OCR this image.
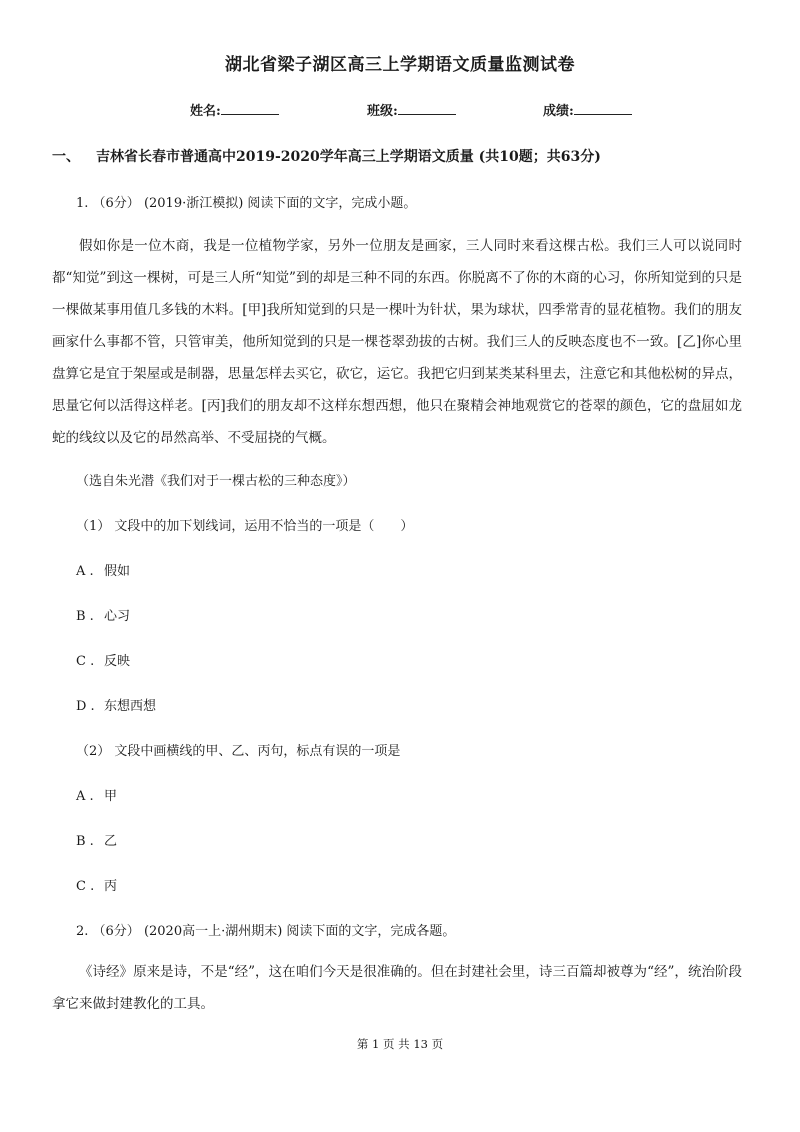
湖北省梁子湖区高三上学期语文质量监测试卷
姓名:	班级:	成绩:
一、 吉林省长春市普通高中2019-2020学年高三上学期语文质量 (共10题；共63分)
1. （6分） (2019·浙江模拟) 阅读下面的文字，完成小题。
假如你是一位木商，我是一位植物学家，另外一位朋友是画家，三人同时来看这棵古松。我们三人可以说同时都“知觉”到这一棵树，可是三人所“知觉”到的却是三种不同的东西。你脱离不了你的木商的心习，你所知觉到的只是一棵做某事用值几多钱的木料。[甲]我所知觉到的只是一棵叶为针状，果为球状，四季常青的显花植物。我们的朋友画家什么事都不管，只管审美，他所知觉到的只是一棵苍翠劲拔的古树。我们三人的反映态度也不一致。[乙]你心里盘算它是宜于架屋或是制器，思量怎样去买它，砍它，运它。我把它归到某类某科里去，注意它和其他松树的异点，思量它何以活得这样老。[丙]我们的朋友却不这样东想西想，他只在聚精会神地观赏它的苍翠的颜色，它的盘屈如龙蛇的线纹以及它的昂然高举、不受屈挠的气概。
（选自朱光潜《我们对于一棵古松的三种态度》）
（1） 文段中的加下划线词，运用不恰当的一项是（　　）
A . 假如
B . 心习
C . 反映
D . 东想西想
（2） 文段中画横线的甲、乙、丙句，标点有误的一项是
A . 甲
B . 乙
C . 丙
2. （6分） (2020高一上·湖州期末) 阅读下面的文字，完成各题。
《诗经》原来是诗，不是“经”，这在咱们今天是很准确的。但在封建社会里，诗三百篇却被尊为“经”，统治阶段拿它来做封建教化的工具。
第 1 页 共 13 页
